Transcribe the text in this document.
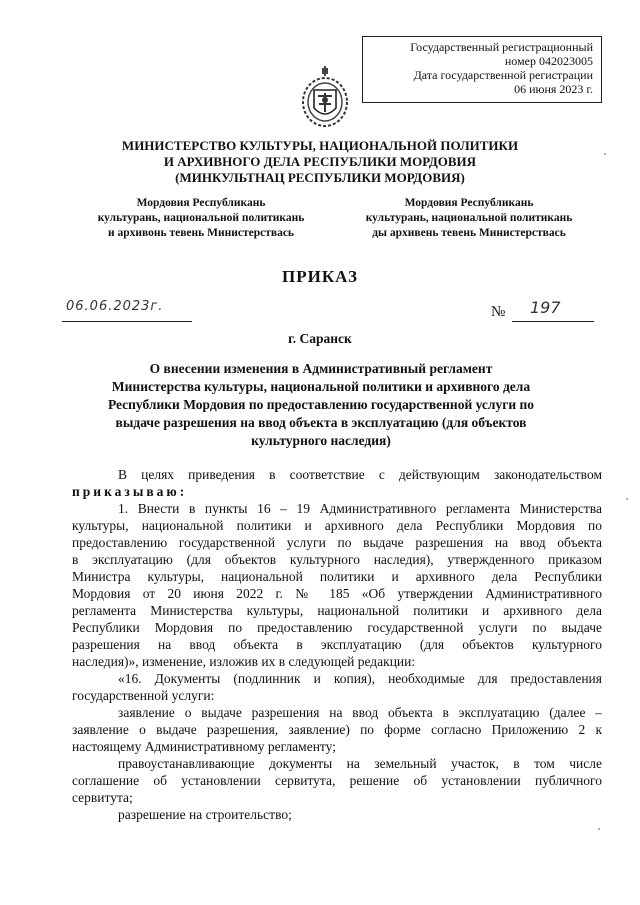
Государственный регистрационный
номер 042023005
Дата государственной регистрации
06 июня 2023 г.
МИНИСТЕРСТВО КУЛЬТУРЫ, НАЦИОНАЛЬНОЙ ПОЛИТИКИ
И АРХИВНОГО ДЕЛА РЕСПУБЛИКИ МОРДОВИЯ
(МИНКУЛЬТНАЦ РЕСПУБЛИКИ МОРДОВИЯ)
Мордовия Республикань
культурань, национальной политикань
и архивонь тевень Министерствась
Мордовия Республикань
культурань, национальной политикань
ды архивень тевень Министерствась
ПРИКАЗ
06.06.2023г.	№ 197
г. Саранск
О внесении изменения в Административный регламент
Министерства культуры, национальной политики и архивного дела
Республики Мордовия по предоставлению государственной услуги по
выдаче разрешения на ввод объекта в эксплуатацию (для объектов
культурного наследия)
В целях приведения в соответствие с действующим законодательством
приказываю:
1. Внести в пункты 16 – 19 Административного регламента Министерства
культуры, национальной политики и архивного дела Республики Мордовия по
предоставлению государственной услуги по выдаче разрешения на ввод объекта
в эксплуатацию (для объектов культурного наследия), утвержденного приказом
Министра культуры, национальной политики и архивного дела Республики
Мордовия от 20 июня 2022 г. № 185 «Об утверждении Административного
регламента Министерства культуры, национальной политики и архивного дела
Республики Мордовия по предоставлению государственной услуги по выдаче
разрешения на ввод объекта в эксплуатацию (для объектов культурного
наследия)», изменение, изложив их в следующей редакции:
«16. Документы (подлинник и копия), необходимые для предоставления
государственной услуги:
заявление о выдаче разрешения на ввод объекта в эксплуатацию (далее –
заявление о выдаче разрешения, заявление) по форме согласно Приложению 2 к
настоящему Административному регламенту;
правоустанавливающие документы на земельный участок, в том числе
соглашение об установлении сервитута, решение об установлении публичного
сервитута;
разрешение на строительство;
